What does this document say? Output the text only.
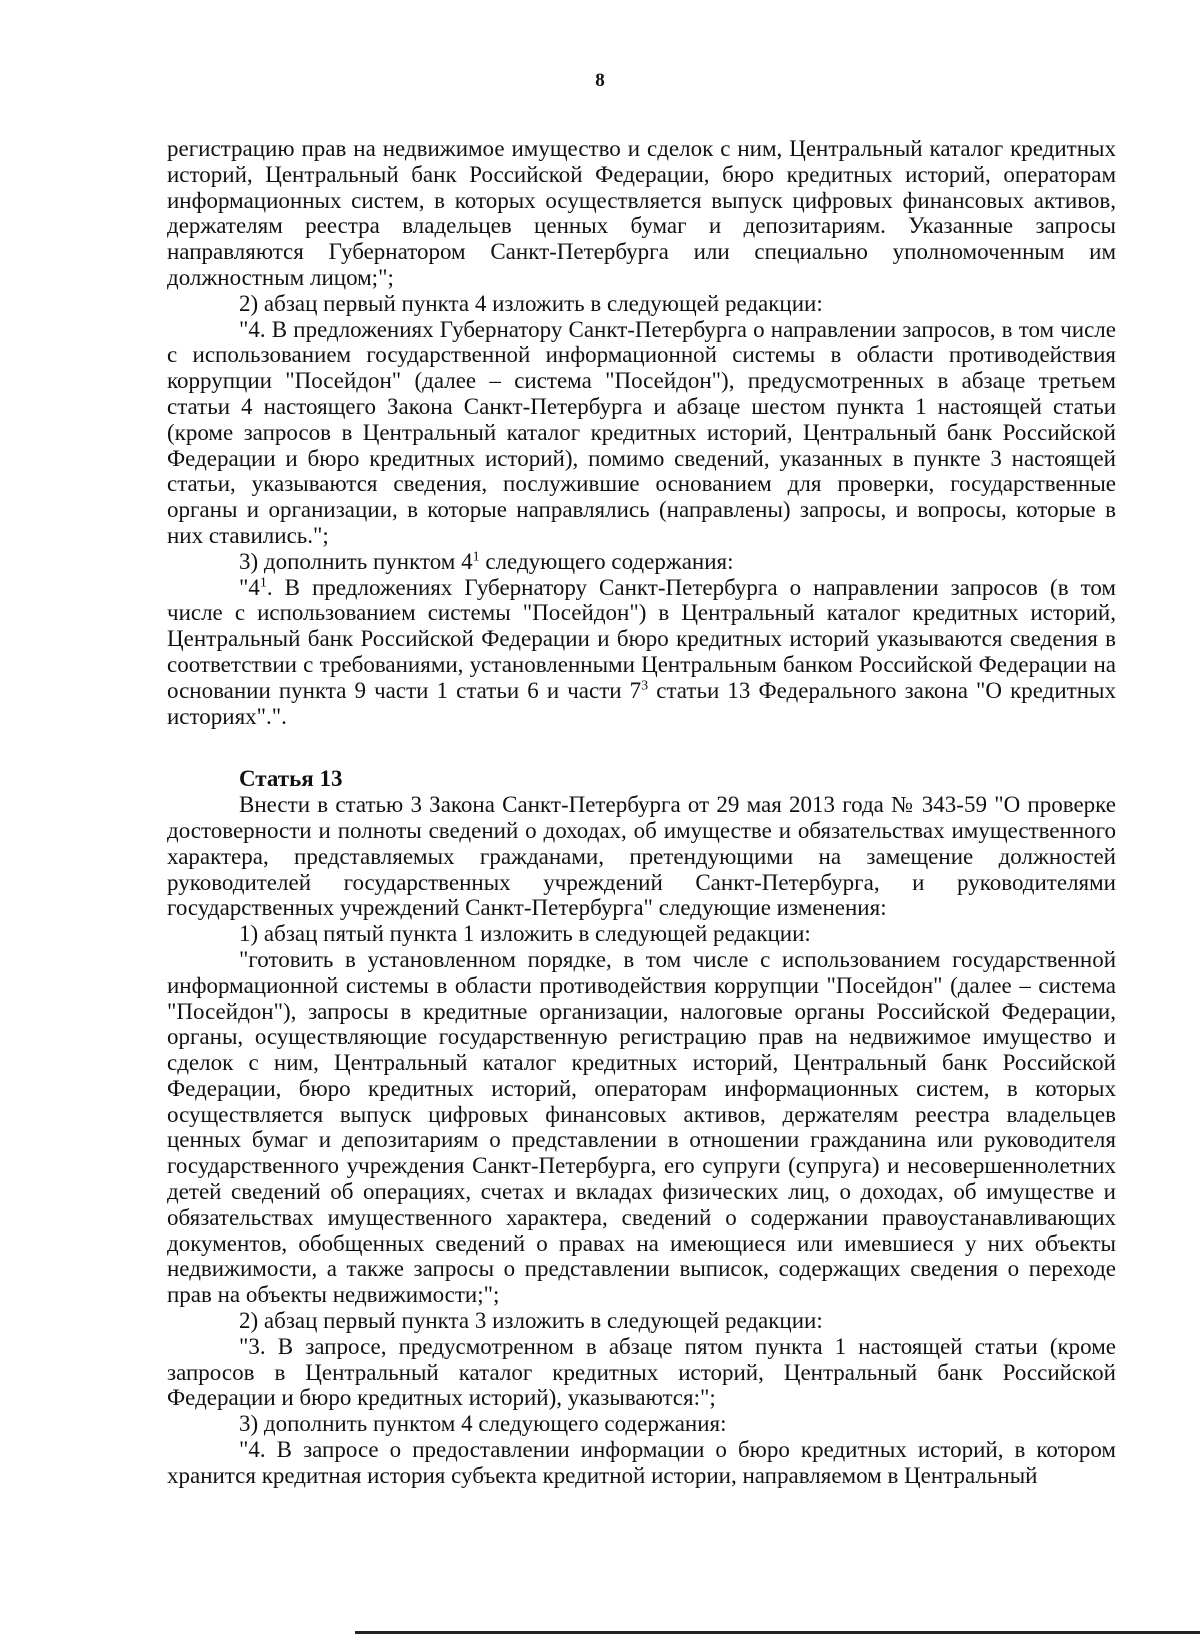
8

регистрацию прав на недвижимое имущество и сделок с ним, Центральный каталог кредитных историй, Центральный банк Российской Федерации, бюро кредитных историй, операторам информационных систем, в которых осуществляется выпуск цифровых финансовых активов, держателям реестра владельцев ценных бумаг и депозитариям. Указанные запросы направляются Губернатором Санкт-Петербурга или специально уполномоченным им должностным лицом;";

2) абзац первый пункта 4 изложить в следующей редакции:

"4. В предложениях Губернатору Санкт-Петербурга о направлении запросов, в том числе с использованием государственной информационной системы в области противодействия коррупции "Посейдон" (далее – система "Посейдон"), предусмотренных в абзаце третьем статьи 4 настоящего Закона Санкт-Петербурга и абзаце шестом пункта 1 настоящей статьи (кроме запросов в Центральный каталог кредитных историй, Центральный банк Российской Федерации и бюро кредитных историй), помимо сведений, указанных в пункте 3 настоящей статьи, указываются сведения, послужившие основанием для проверки, государственные органы и организации, в которые направлялись (направлены) запросы, и вопросы, которые в них ставились.";

3) дополнить пунктом $4^1$ следующего содержания:

"$4^1$. В предложениях Губернатору Санкт-Петербурга о направлении запросов (в том числе с использованием системы "Посейдон") в Центральный каталог кредитных историй, Центральный банк Российской Федерации и бюро кредитных историй указываются сведения в соответствии с требованиями, установленными Центральным банком Российской Федерации на основании пункта 9 части 1 статьи 6 и части $7^3$ статьи 13 Федерального закона "О кредитных историях".".

Статья 13

Внести в статью 3 Закона Санкт-Петербурга от 29 мая 2013 года № 343-59 "О проверке достоверности и полноты сведений о доходах, об имуществе и обязательствах имущественного характера, представляемых гражданами, претендующими на замещение должностей руководителей государственных учреждений Санкт-Петербурга, и руководителями государственных учреждений Санкт-Петербурга" следующие изменения:

1) абзац пятый пункта 1 изложить в следующей редакции:

"готовить в установленном порядке, в том числе с использованием государственной информационной системы в области противодействия коррупции "Посейдон" (далее – система "Посейдон"), запросы в кредитные организации, налоговые органы Российской Федерации, органы, осуществляющие государственную регистрацию прав на недвижимое имущество и сделок с ним, Центральный каталог кредитных историй, Центральный банк Российской Федерации, бюро кредитных историй, операторам информационных систем, в которых осуществляется выпуск цифровых финансовых активов, держателям реестра владельцев ценных бумаг и депозитариям о представлении в отношении гражданина или руководителя государственного учреждения Санкт-Петербурга, его супруги (супруга) и несовершеннолетних детей сведений об операциях, счетах и вкладах физических лиц, о доходах, об имуществе и обязательствах имущественного характера, сведений о содержании правоустанавливающих документов, обобщенных сведений о правах на имеющиеся или имевшиеся у них объекты недвижимости, а также запросы о представлении выписок, содержащих сведения о переходе прав на объекты недвижимости;";

2) абзац первый пункта 3 изложить в следующей редакции:

"3. В запросе, предусмотренном в абзаце пятом пункта 1 настоящей статьи (кроме запросов в Центральный каталог кредитных историй, Центральный банк Российской Федерации и бюро кредитных историй), указываются:";

3) дополнить пунктом 4 следующего содержания:

"4. В запросе о предоставлении информации о бюро кредитных историй, в котором хранится кредитная история субъекта кредитной истории, направляемом в Центральный
